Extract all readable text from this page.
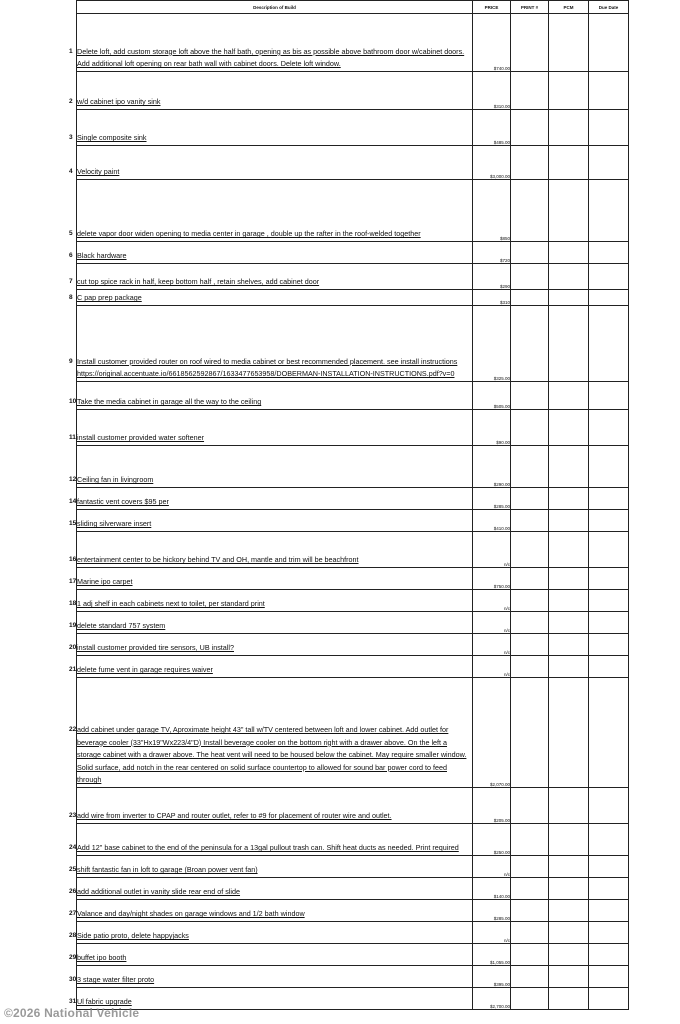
Description of Build	PRICE	PRINT #	PCM	Due Date

1 Delete loft, add custom storage loft above the half bath, opening as bis as possible above bathroom door w/cabinet doors. Add additional loft opening on rear bath wall with cabinet doors. Delete loft window.	$740.00			

2 w/d cabinet ipo vanity sink	$310.00			

3 Single composite sink	$485.00			

4 Velocity paint	$3,000.00			

5 delete vapor door widen opening to media center in garage , double up the rafter in the roof-welded together	$850			

6 Black hardware	$720			

7 cut top spice rack in half, keep bottom half , retain shelves, add cabinet door	$290			

8 C pap prep package	$310			

9 Install customer provided router on roof wired to media cabinet or best recommended placement. see install instructions https://original.accentuate.io/6618562592867/1633477653958/DOBERMAN-INSTALLATION-INSTRUCTIONS.pdf?v=0	$325.00			

10 Take the media cabinet in garage all the way to the ceiling	$505.00			

11 install customer provided water softener	$90.00			

12 Ceiling fan in livingroom	$290.00			

14 fantastic vent covers $95 per	$285.00			

15 sliding silverware insert	$410.00			

16 entertainment center to be hickory behind TV and OH, mantle and trim will be beachfront	n/c			

17 Marine ipo carpet	$750.00			

18 1 adj shelf in each cabinets next to toilet, per standard print	n/c			

19 delete standard 757 system	n/c			

20 install customer provided tire sensors, UB install?	n/c			

21 delete fume vent in garage requires waiver	n/c			

22 add cabinet under garage TV, Aproximate height 43" tall w/TV centered between loft and lower cabinet. Add outlet for beverage cooler (33"Hx19"Wx223/4"D) Install beverage cooler on the bottom right with a drawer above. On the left a storage cabinet with a drawer above. The heat vent will need to be housed below the cabinet. May require smaller window. Solid surface, add notch in the rear centered on solid surface countertop to allowed for sound bar power cord to feed through	$2,070.00			

23 add wire from inverter to CPAP and router outlet, refer to #9 for placement of router wire and outlet.	$205.00			

24 Add 12" base cabinet to the end of the peninsula for a 13gal pullout trash can. Shift heat ducts as needed. Print required	$250.00			

25 shift fantastic fan in loft to garage (Broan power vent fan)	n/c			

26 add additional outlet in vanity slide rear end of slide	$140.00			

27 Valance and day/night shades on garage windows and 1/2 bath window	$285.00			

28 Side patio proto, delete happyjacks	n/c			

29 buffet ipo booth	$1,055.00			

30 3 stage water filter proto	$395.00			

31 Ul fabric upgrade	$2,700.00			
©2026 National Vehicle
